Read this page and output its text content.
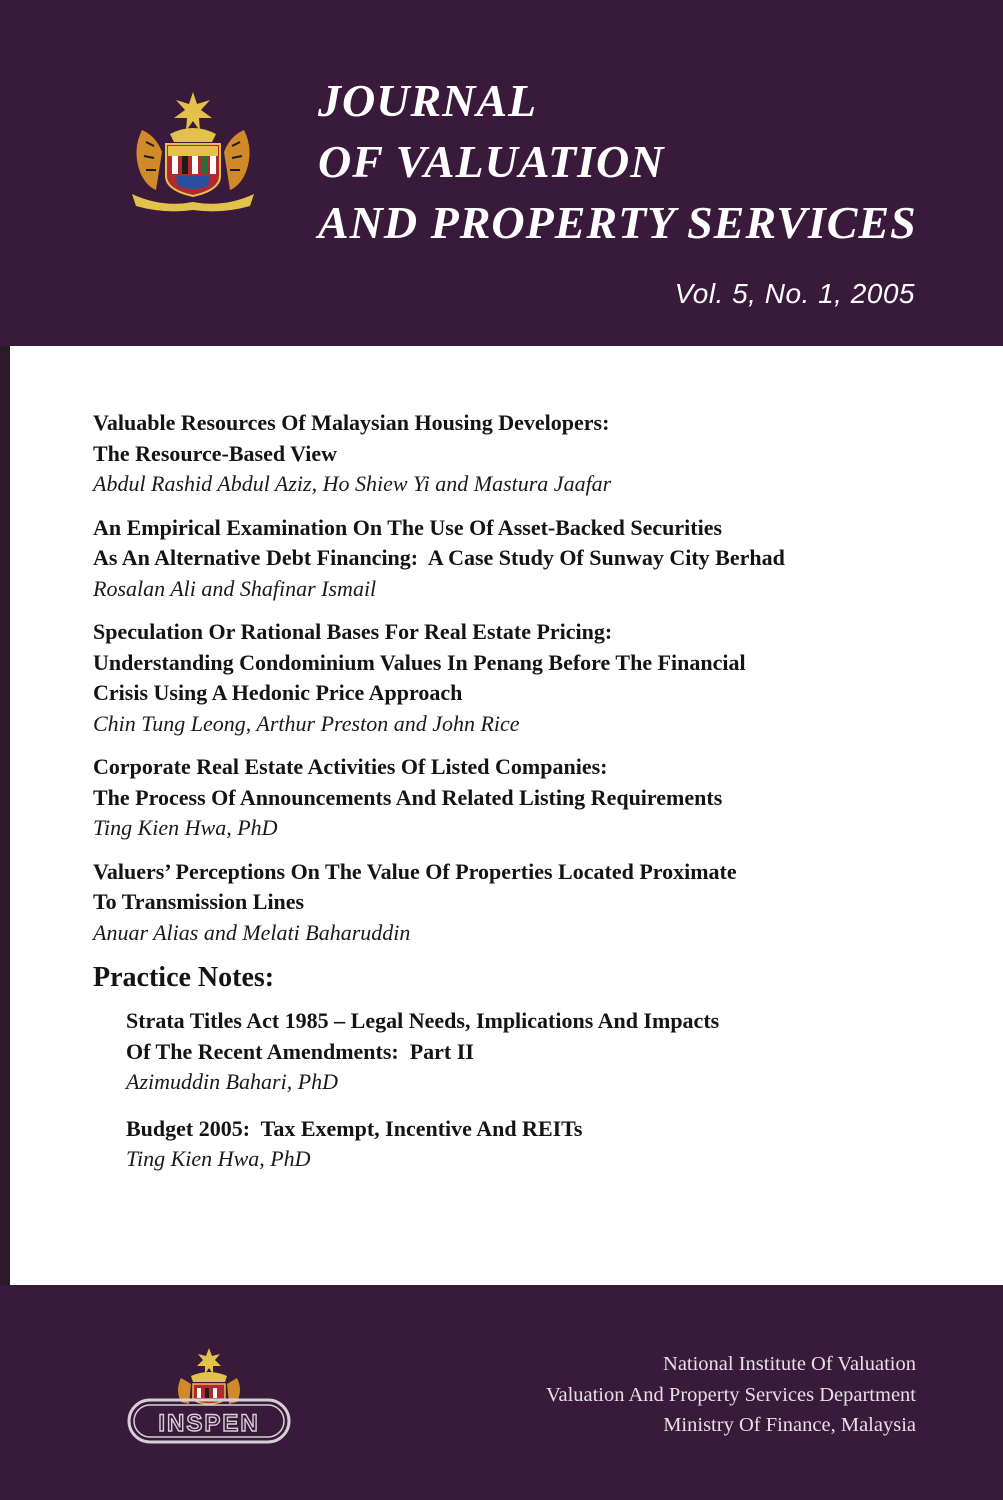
JOURNAL
OF VALUATION
AND PROPERTY SERVICES
Vol. 5, No. 1, 2005

Valuable Resources Of Malaysian Housing Developers:

The Resource-Based View

Abdul Rashid Abdul Aziz, Ho Shiew Yi and Mastura Jaafar

An Empirical Examination On The Use Of Asset-Backed Securities

As An Alternative Debt Financing:  A Case Study Of Sunway City Berhad

Rosalan Ali and Shafinar Ismail

Speculation Or Rational Bases For Real Estate Pricing:

Understanding Condominium Values In Penang Before The Financial

Crisis Using A Hedonic Price Approach

Chin Tung Leong, Arthur Preston and John Rice

Corporate Real Estate Activities Of Listed Companies:

The Process Of Announcements And Related Listing Requirements

Ting Kien Hwa, PhD

Valuers’ Perceptions On The Value Of Properties Located Proximate

To Transmission Lines

Anuar Alias and Melati Baharuddin

Practice Notes:

Strata Titles Act 1985 – Legal Needs, Implications And Impacts

Of The Recent Amendments:  Part II

Azimuddin Bahari, PhD

Budget 2005:  Tax Exempt, Incentive And REITs

Ting Kien Hwa, PhD

INSPEN
National Institute Of Valuation
Valuation And Property Services Department
Ministry Of Finance, Malaysia
